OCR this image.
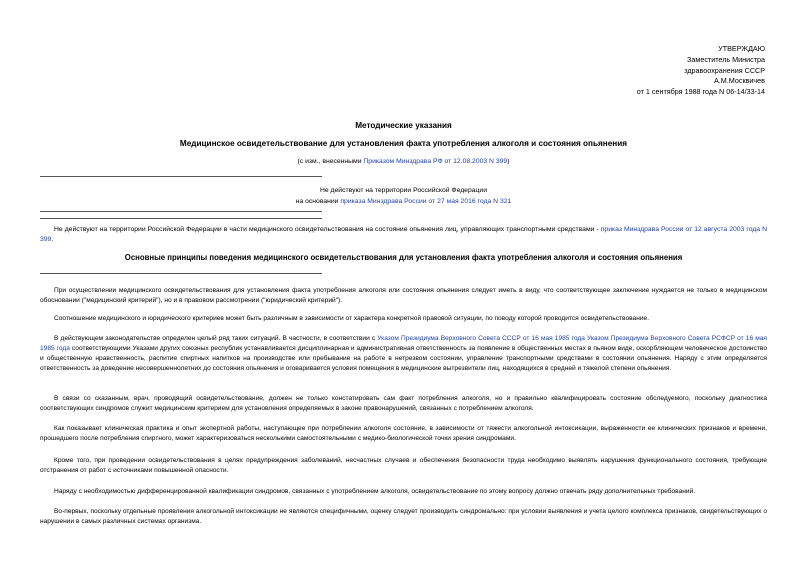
УТВЕРЖДАЮ
Заместитель Министра
здравоохранения СССР
А.М.Москвичев
от 1 сентября 1988 года N 06-14/33-14
Методические указания
Медицинское освидетельствование для установления факта употребления алкоголя и состояния опьянения
(с изм., внесенными Приказом Минздрава РФ от 12.08.2003 N 399)
Не действуют на территории Российской Федерации
на основании приказа Минздрава России от 27 мая 2016 года N 321
Не действуют на территории Российской Федерации в части медицинского освидетельствования на состояние опьянения лиц, управляющих транспортными средствами - приказ Минздрава России от 12 августа 2003 года N 399.
Основные принципы поведения медицинского освидетельствования для установления факта употребления алкоголя и состояния опьянения
При осуществлении медицинского освидетельствования для установления факта употребления алкоголя или состояния опьянения следует иметь в виду, что соответствующее заключение нуждается не только в медицинском обосновании ("медицинский критерий"), но и в правовом рассмотрении ("юридический критерий").
Соотношение медицинского и юридического критериев может быть различным в зависимости от характера конкретной правовой ситуации, по поводу которой проводится освидетельствование.
В действующем законодательстве определен целый ряд таких ситуаций. В частности, в соответствии с Указом Президиума Верховного Совета СССР от 16 мая 1985 года Указом Президиума Верховного Совета РСФСР от 16 мая 1985 года соответствующими Указами других союзных республик устанавливается дисциплинарная и административная ответственность за появление в общественных местах в пьяном виде, оскорбляющем человеческое достоинство и общественную нравственность, распитие спиртных напитков на производстве или пребывание на работе в нетрезвом состоянии, управление транспортными средствами в состоянии опьянения. Наряду с этим определяется ответственность за доведение несовершеннолетних до состояния опьянения и оговаривается условия помещения в медицинские вытрезвители лиц, находящихся в средней и тяжелой степени опьянения.
В связи со сказанным, врач, проводящий освидетельствование, должен не только констатировать сам факт потребления алкоголя, но и правильно квалифицировать состояние обследуемого, поскольку диагностика соответствующих синдромов служит медицинским критерием для установления определяемых в законе правонарушений, связанных с потреблением алкоголя.
Как показывает клиническая практика и опыт экспертной работы, наступающее при потреблении алкоголя состояние, в зависимости от тяжести алкогольной интоксикации, выраженности ее клинических признаков и времени, прошедшего после потребления спиртного, может характеризоваться несколькими самостоятельными с медико-биологической точки зрения синдромами.
Кроме того, при проведении освидетельствования в целях предупреждения заболеваний, несчастных случаев и обеспечения безопасности труда необходимо выявлять нарушения функционального состояния, требующие отстранения от работ с источниками повышенной опасности.
Наряду с необходимостью дифференцированной квалификации синдромов, связанных с употреблением алкоголя, освидетельствование по этому вопросу должно отвечать ряду дополнительных требований.
Во-первых, поскольку отдельные проявления алкогольной интоксикации не являются специфичными, оценку следует производить синдромально: при условии выявления и учета целого комплекса признаков, свидетельствующих о нарушении в самых различных системах организма.
